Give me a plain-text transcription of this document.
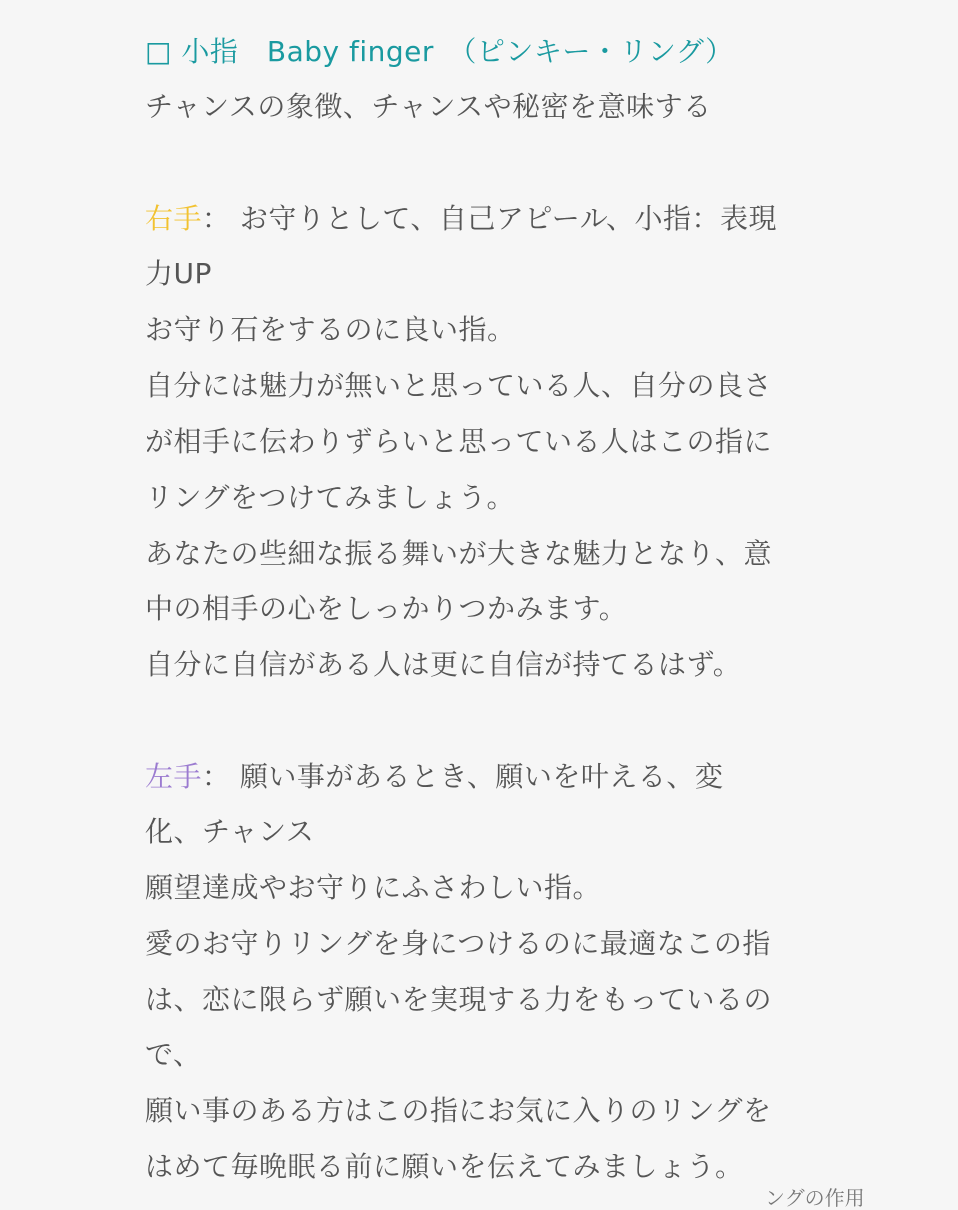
□ 小指　Baby finger　（ピンキー・リング）
チャンスの象徴、チャンスや秘密を意味する
右手： お守りとして、自己アピール、小指：表現
力UP
お守り石をするのに良い指。
自分には魅力が無いと思っている人、自分の良さ
が相手に伝わりずらいと思っている人はこの指に
リングをつけてみましょう。
あなたの些細な振る舞いが大きな魅力となり、意
中の相手の心をしっかりつかみます。
自分に自信がある人は更に自信が持てるはず。
左手： 願い事があるとき、願いを叶える、変
化、チャンス
願望達成やお守りにふさわしい指。
愛のお守りリングを身につけるのに最適なこの指
は、恋に限らず願いを実現する力をもっているの
で、
願い事のある方はこの指にお気に入りのリングを
はめて毎晩眠る前に願いを伝えてみましょう。
ングの作用
